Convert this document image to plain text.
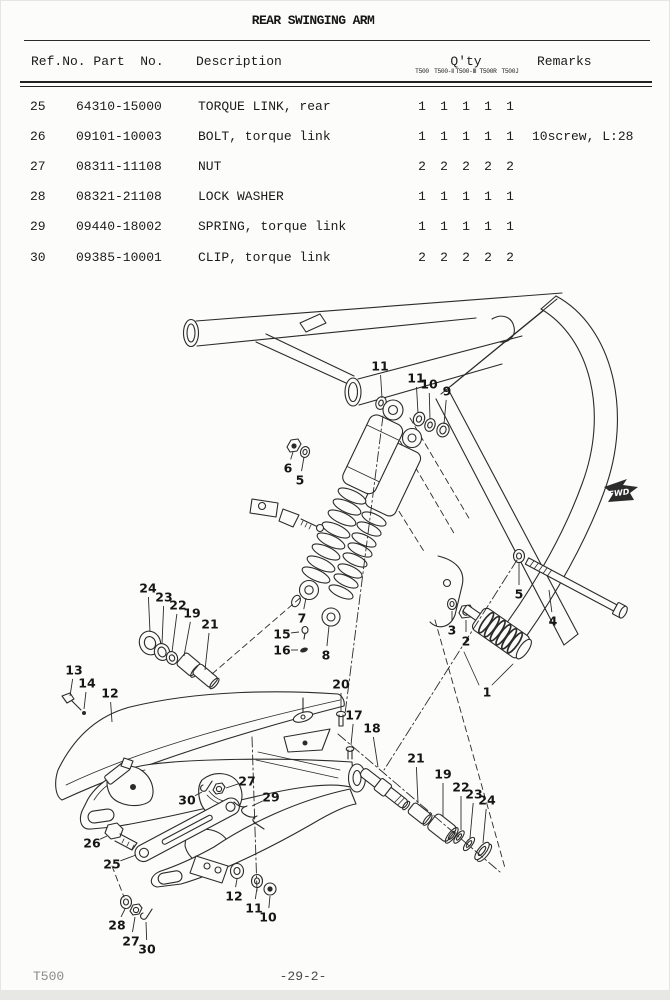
REAR SWINGING ARM
Ref.No. Part  No. Description	Q'ty	Remarks
T500 T500-Ⅱ T500-Ⅲ T500R T500J
25	64310-15000	TORQUE LINK, rear	1	1	1	1	1
26	09101-10003	BOLT, torque link	1	1	1	1	1	10screw, L:28
27	08311-11108	NUT	2	2	2	2	2
28	08321-21108	LOCK WASHER	1	1	1	1	1
29	09440-18002	SPRING, torque link	1	1	1	1	1
30	09385-10001	CLIP, torque link	2	2	2	2	2
FWD
11
11
10 9
6
5
7
8
15
16
24
23
22
19
21
13
14
12
20
17
18
5
4
3
2
1
27
30	29
26
25
12
11
10
28
27
30
21
19
22
23
24
T500	-29-2-
